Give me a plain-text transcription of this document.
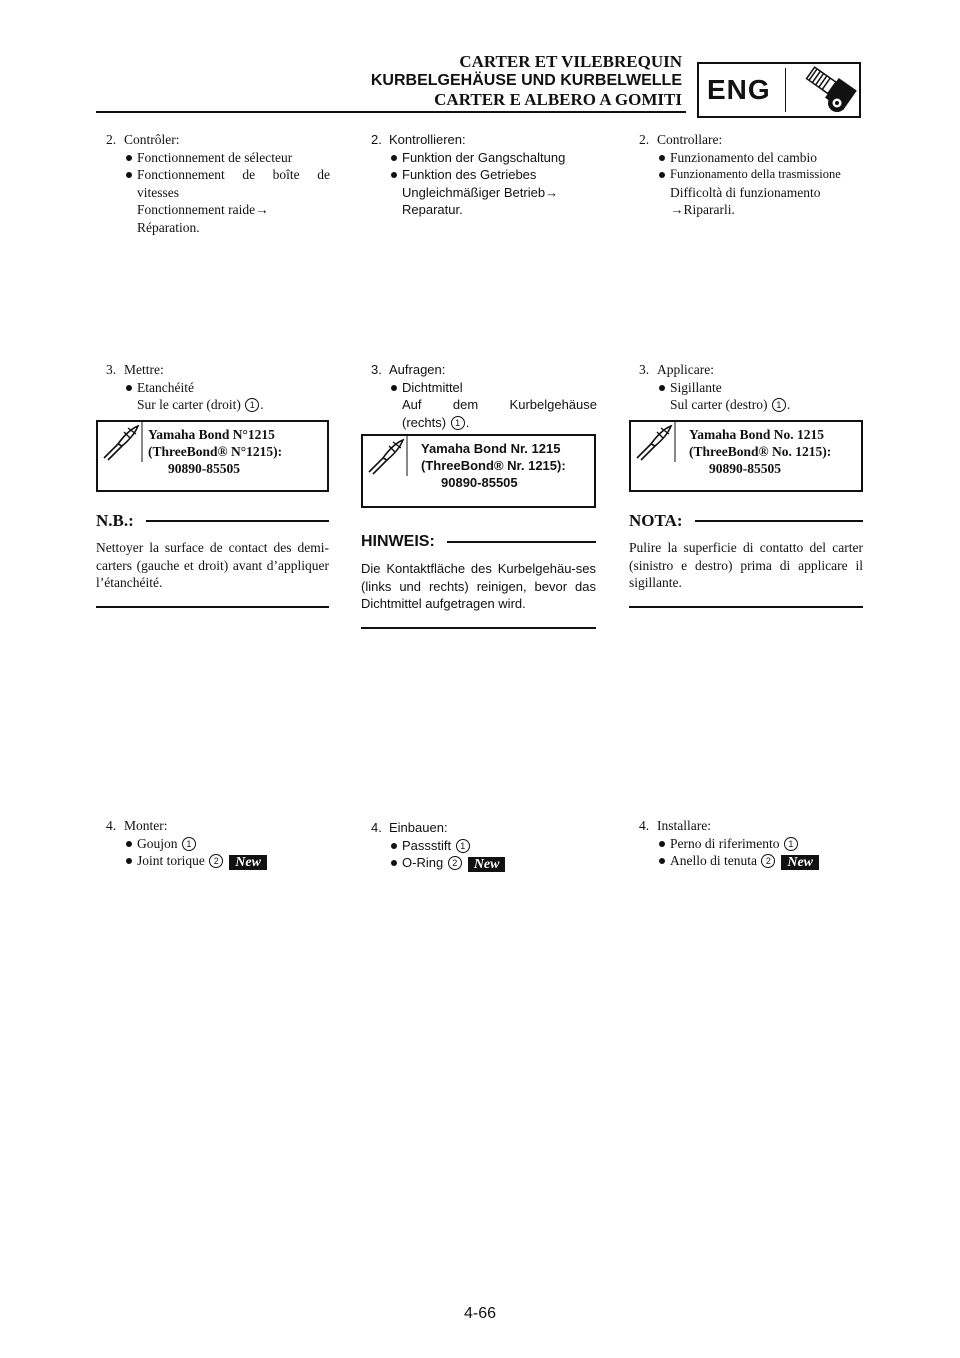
CARTER ET VILEBREQUIN
KURBELGEHÄUSE UND KURBELWELLE
CARTER E ALBERO A GOMITI ENG
2. Contrôler:
Fonctionnement de sélecteur
Fonctionnement de boîte de
vitesses
Fonctionnement raide→
Réparation.
3. Mettre:
Etanchéité
Sur le carter (droit) 1 .
Yamaha Bond N°1215
(ThreeBond® N°1215):
90890-85505
N.B.:
Nettoyer la surface de contact des demi-carters (gauche et droit) avant d’appliquer l’étanchéité.
4. Monter:
Goujon 1
Joint torique 2 New
2. Kontrollieren:
Funktion der Gangschaltung
Funktion des Getriebes
Ungleichmäßiger Betrieb→
Reparatur.
3. Aufragen:
Dichtmittel
Auf dem Kurbelgehäuse
(rechts) 1 .
Yamaha Bond Nr. 1215
(ThreeBond® Nr. 1215):
90890-85505
HINWEIS:
Die Kontaktfläche des Kurbelgehäu-ses (links und rechts) reinigen, bevor das Dichtmittel aufgetragen wird.
4. Einbauen:
Passstift 1
O-Ring 2 New
2. Controllare:
Funzionamento del cambio
Funzionamento della trasmissione
Difficoltà di funzionamento
→Ripararli.
3. Applicare:
Sigillante
Sul carter (destro) 1 .
Yamaha Bond No. 1215
(ThreeBond® No. 1215):
90890-85505
NOTA:
Pulire la superficie di contatto del carter (sinistro e destro) prima di applicare il sigillante.
4. Installare:
Perno di riferimento 1
Anello di tenuta 2 New
4-66
